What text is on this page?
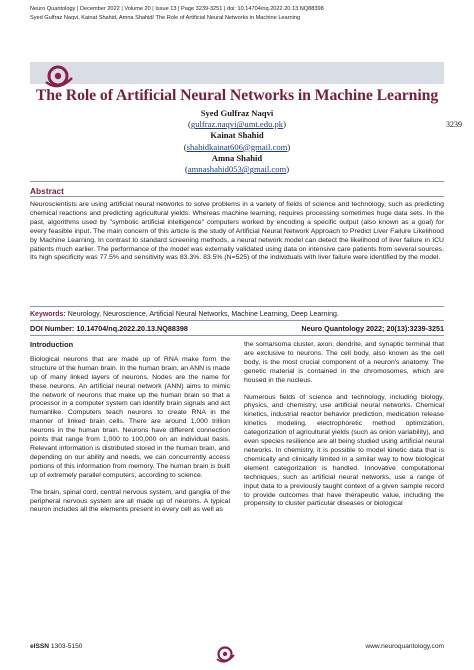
Neuro Quantology | December 2022 | Volume 20 | Issue 13 | Page 3239-3251 | doi: 10.14704/nq.2022.20.13.NQ88398
Syed Gulfraz Naqvi, Kainat Shahid, Amna Shahid/ The Role of Artificial Neural Networks in Machine Learning
3239
The Role of Artificial Neural Networks in Machine Learning
Syed Gulfraz Naqvi
(gulfraz.naqvi@umt.edu.pk)
Kainat Shahid
(shahidkainat606@gmail.com)
Amna Shahid
(amnashahid053@gmail.com)
Abstract
Neuroscientists are using artificial neural networks to solve problems in a variety of fields of science and technology, such as predicting chemical reactions and predicting agricultural yields. Whereas machine learning, requires processing sometimes huge data sets. In the past, algorithms used by "symbolic artificial intelligence" computers worked by encoding a specific output (also known as a goal) for every feasible input. The main concern of this article is the study of Artificial Neural Network Approach to Predict Liver Failure Likelihood by Machine Learning. In contrast to standard screening methods, a neural network model can detect the likelihood of liver failure in ICU patients much earlier. The performance of the model was externally validated using data on intensive care patients from several sources. Its high specificity was 77.5% and sensitivity was 83.3%. 83.5% (N=525) of the individuals with liver failure were identified by the model.
Keywords: Neurology, Neuroscience, Artificial Neural Networks, Machine Learning, Deep Learning.
DOI Number: 10.14704/nq.2022.20.13.NQ88398	Neuro Quantology 2022; 20(13):3239-3251
Introduction

Biological neurons that are made up of RNA make form the structure of the human brain. In the human brain, an ANN is made up of many linked layers of neurons. Nodes are the name for these neurons. An artificial neural network (ANN) aims to mimic the network of neurons that make up the human brain so that a processor in a computer system can identify brain signals and act humanlike. Computers teach neurons to create RNA in the manner of linked brain cells. There are around 1,000 trillion neurons in the human brain. Neurons have different connection points that range from 1,000 to 100,000 on an individual basis. Relevant information is distributed stored in the human brain, and depending on our ability and needs, we can concurrently access portions of this information from memory. The human brain is built up of extremely parallel computers, according to science.

The brain, spinal cord, central nervous system, and ganglia of the peripheral nervous system are all made up of neurons. A typical neuron includes all the elements present in every cell as well as

the soma/soma cluster, axon, dendrite, and synaptic terminal that are exclusive to neurons. The cell body, also known as the cell body, is the most crucial component of a neuron's anatomy. The genetic material is contained in the chromosomes, which are housed in the nucleus.

Numerous fields of science and technology, including biology, physics, and chemistry, use artificial neural networks. Chemical kinetics, industrial reactor behavior prediction, medication release kinetics modeling, electrophoretic method optimization, categorization of agricultural yields (such as onion variability), and even species resilience are all being studied using artificial neural networks. In chemistry, it is possible to model kinetic data that is chemically and clinically limited in a similar way to how biological element categorization is handled. Innovative computational techniques, such as artificial neural networks, use a range of input data to a previously taught context of a given sample record to provide outcomes that have therapeutic value, including the propensity to cluster particular diseases or biological

eISSN 1303-5150	www.neuroquantology.com
